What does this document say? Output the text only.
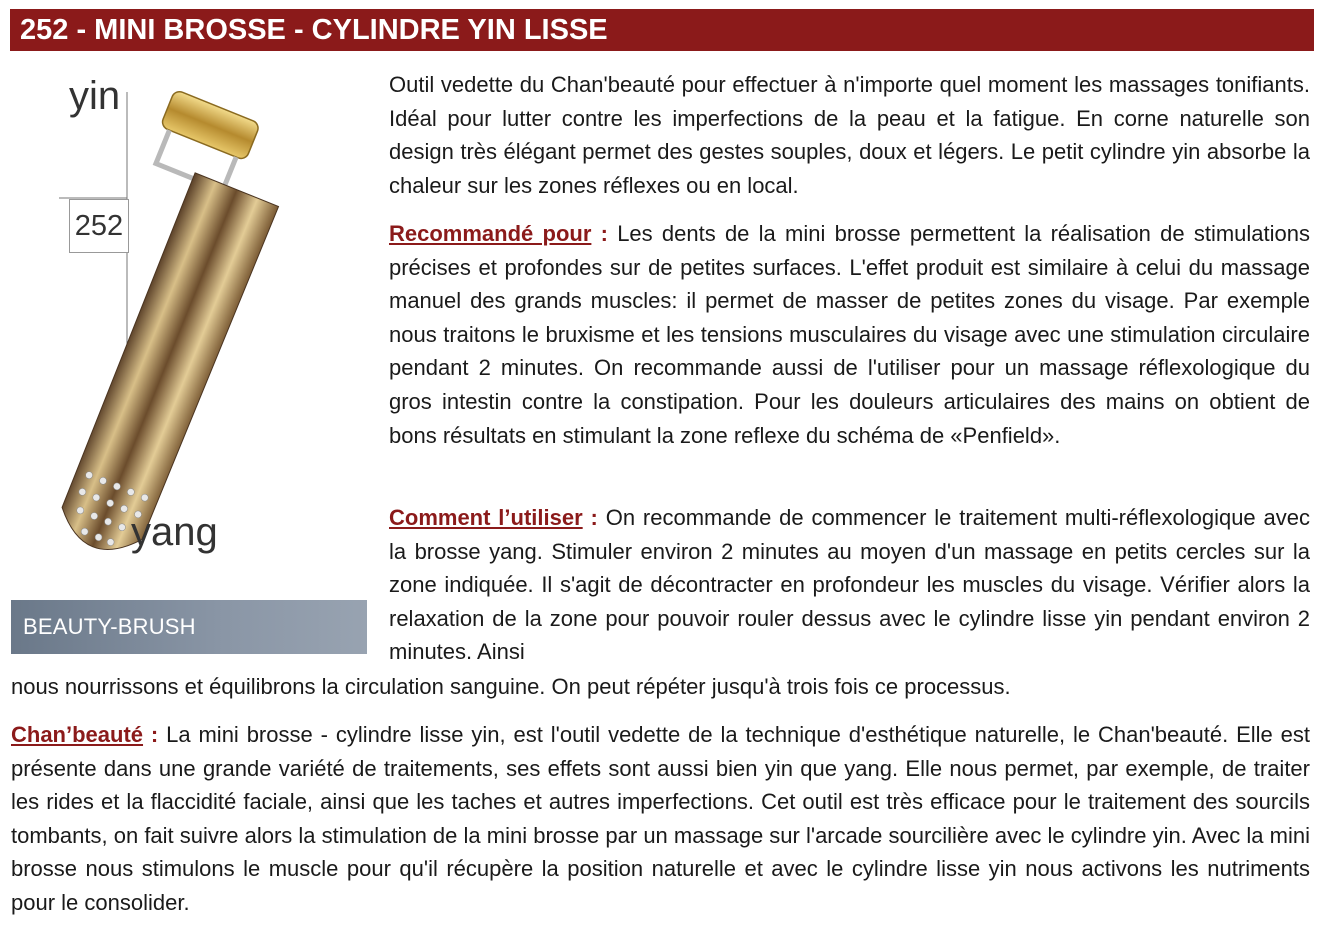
252 - MINI BROSSE - CYLINDRE YIN LISSE
yin
252
yang
BEAUTY-BRUSH

Outil vedette du Chan'beauté pour effectuer à n'importe quel moment les massages tonifiants. Idéal pour lutter contre les imperfections de la peau et la fatigue. En corne naturelle son design très élégant permet des gestes souples, doux et légers. Le petit cylindre yin absorbe la chaleur sur les zones réflexes ou en local.

Recommandé pour : Les dents de la mini brosse permettent la réalisation de stimulations précises et profondes sur de petites surfaces. L'effet produit est similaire à celui du massage manuel des grands muscles: il permet de masser de petites zones du visage. Par exemple nous traitons le bruxisme et les tensions musculaires du visage avec une stimulation circulaire pendant 2 minutes. On recommande aussi de l'utiliser pour un massage réflexologique du gros intestin contre la constipation. Pour les douleurs articulaires des mains on obtient de bons résultats en stimulant la zone reflexe du schéma de «Penfield».

Comment l’utiliser : On recommande de commencer le traitement multi-réflexologique avec la brosse yang. Stimuler environ 2 minutes au moyen d'un massage en petits cercles sur la zone indiquée. Il s'agit de décontracter en profondeur les muscles du visage. Vérifier alors la relaxation de la zone pour pouvoir rouler dessus avec le cylindre lisse yin pendant environ 2 minutes. Ainsi

nous nourrissons et équilibrons la circulation sanguine. On peut répéter jusqu'à trois fois ce processus.

Chan’beauté : La mini brosse - cylindre lisse yin, est l'outil vedette de la technique d'esthétique naturelle, le Chan'beauté. Elle est présente dans une grande variété de traitements, ses effets sont aussi bien yin que yang. Elle nous permet, par exemple, de traiter les rides et la flaccidité faciale, ainsi que les taches et autres imperfections. Cet outil est très efficace pour le traitement des sourcils tombants, on fait suivre alors la stimulation de la mini brosse par un massage sur l'arcade sourcilière avec le cylindre yin. Avec la mini brosse nous stimulons le muscle pour qu'il récupère la position naturelle et avec le cylindre lisse yin nous activons les nutriments pour le consolider.
